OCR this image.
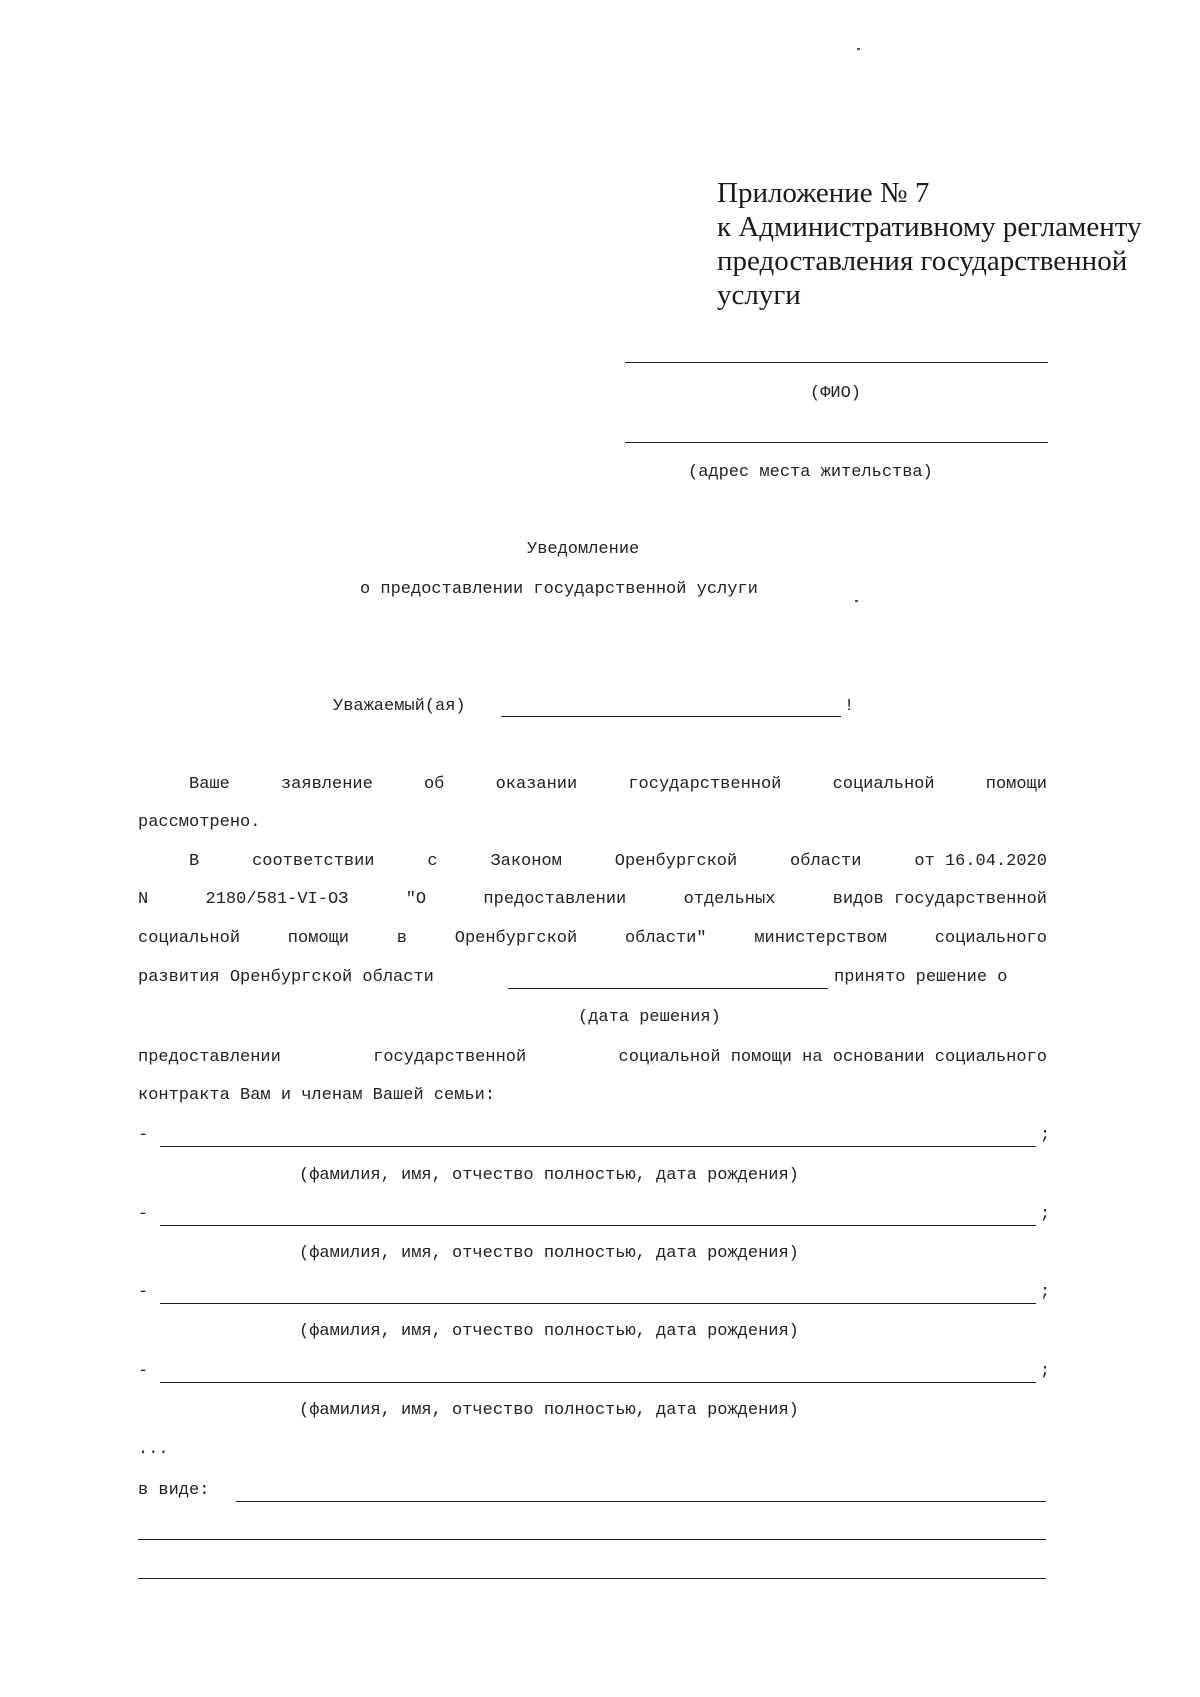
Приложение № 7
к Административному регламенту
предоставления государственной
услуги
(ФИО)
(адрес места жительства)
Уведомление
о предоставлении государственной услуги
Уважаемый(ая)	!
Ваше	заявление	об	оказании	государственной	социальной	помощи
рассмотрено.
В	соответствии	с	Законом	Оренбургской	области	от 16.04.2020
N	2180/581-VI-ОЗ	"О	предоставлении	отдельных	видов государственной
социальной	помощи	в	Оренбургской	области"	министерством	социального
развития Оренбургской области	принято решение о
(дата решения)
предоставлении	государственной	социальной помощи на основании социального
контракта Вам и членам Вашей семьи:
-	;
(фамилия, имя, отчество полностью, дата рождения)
-	;
(фамилия, имя, отчество полностью, дата рождения)
-	;
(фамилия, имя, отчество полностью, дата рождения)
-	;
(фамилия, имя, отчество полностью, дата рождения)
...
в виде:
